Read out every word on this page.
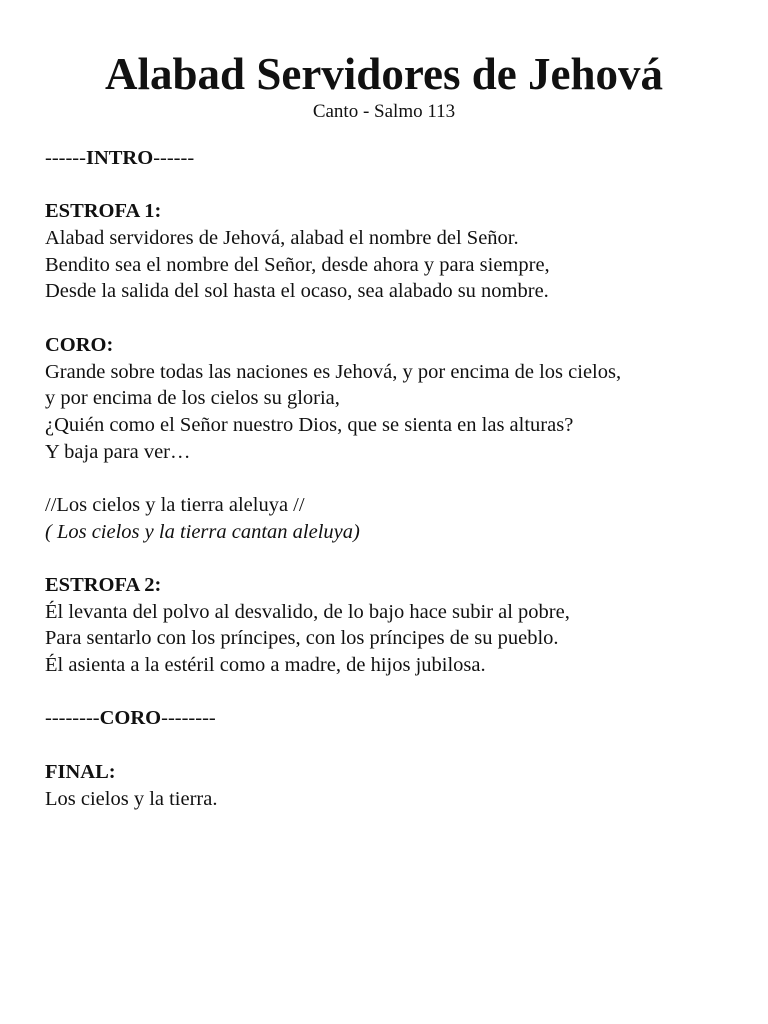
Alabad Servidores de Jehová
Canto - Salmo 113
------INTRO------
ESTROFA 1:
Alabad servidores de Jehová, alabad el nombre del Señor.
Bendito sea el nombre del Señor, desde ahora y para siempre,
Desde la salida del sol hasta el ocaso, sea alabado su nombre.
CORO:
Grande sobre todas las naciones es Jehová, y por encima de los cielos,
y por encima de los cielos su gloria,
¿Quién como el Señor nuestro Dios, que se sienta en las alturas?
Y baja para ver…
//Los cielos y la tierra aleluya //
( Los cielos y la tierra cantan aleluya)
ESTROFA 2:
Él levanta del polvo al desvalido, de lo bajo hace subir al pobre,
Para sentarlo con los príncipes, con los príncipes de su pueblo.
Él asienta a la estéril como a madre, de hijos jubilosa.
--------CORO--------
FINAL:
Los cielos y la tierra.
